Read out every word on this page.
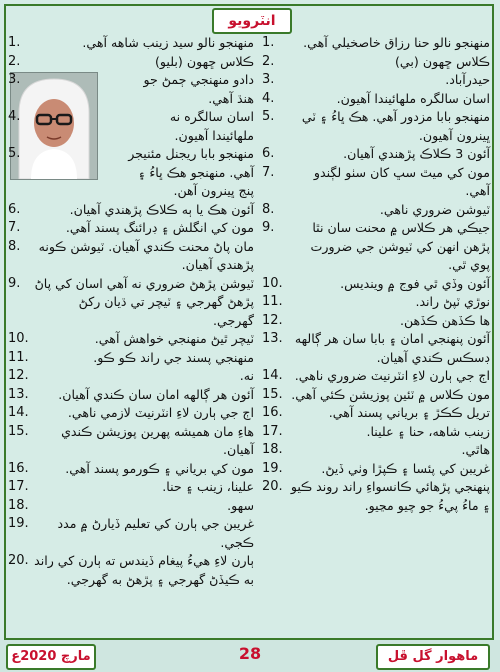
انٽرويو
منهنجو نالو حنا رزاق خاصخيلي آهي.
1.
ڪلاس ڇهون (بي)
2.
حيدرآباد.
3.
اسان سالگره ملهائيندا آهيون.
4.
منهنجو بابا مزدور آهي. هڪ ڀاءُ ۽ ٽي ڀينرون آهيون.
5.
آئون 3 ڪلاڪ پڙهندي آهيان.
6.
مون کي ميٿ سڀ کان سٺو لڳندو آهي.
7.
ٽيوشن ضروري ناهي.
8.
جيڪي هر ڪلاس ۾ محنت سان نٿا پڙهن انهن کي ٽيوشن جي ضرورت پوي ٿي.
9.
آئون وڏي ٿي فوج ۾ وينديس.
10.
نوڙي ٽپڻ راند.
11.
ها ڪڏهن ڪڏهن.
12.
آئون پنهنجي امان ۽ بابا سان هر ڳالهه ڊسڪس ڪندي آهيان.
13.
اڄ جي ٻارن لاءِ انٽرنيٽ ضروري ناهي.
14.
مون ڪلاس ۾ ٽئين پوزيشن ڪئي آهي.
15.
تريل ڪڪڙ ۽ برياني پسند آهي.
16.
زينب شاهه، حنا ۽ علينا.
17.
هاٿي.
18.
غريبن کي پئسا ۽ ڪپڙا وٺي ڏيڻ.
19.
پنهنجي پڙهائي ڪانسواءِ راند روند ڪيو ۽ ماءُ پيءُ جو چيو مڃيو.
20.
منهنجو نالو سيد زينب شاهه آهي.
1.
ڪلاس ڇهون (بليو)
2.
دادو منهنجي ڄمڻ جو هنڌ آهي.
3.
اسان سالگره نه ملهائيندا آهيون.
4.
منهنجو بابا ريجنل مئنيجر آهي. منهنجو هڪ ڀاءُ ۽ پنج ڀينرون آهن.
5.
آئون هڪ يا ٻه ڪلاڪ پڙهندي آهيان.
6.
مون کي انگلش ۽ ڊرائنگ پسند آهي.
7.
مان پاڻ محنت ڪندي آهيان. ٽيوشن ڪونه پڙهندي آهيان.
8.
ٽيوشن پڙهڻ ضروري نه آهي اسان کي پاڻ پڙهڻ گهرجي ۽ ٽيچر تي ڌيان رکڻ گهرجي.
9.
ٽيچر ٿيڻ منهنجي خواهش آهي.
10.
منهنجي پسند جي راند ڪو ڪو.
11.
نه.
12.
آئون هر ڳالهه امان سان ڪندي آهيان.
13.
اڄ جي ٻارن لاءِ انٽرنيٽ لازمي ناهي.
14.
هاءِ مان هميشه پهرين پوزيشن ڪندي آهيان.
15.
مون کي برياني ۽ ڪورمو پسند آهي.
16.
علينا، زينب ۽ حنا.
17.
سهو.
18.
غريبن جي ٻارن کي تعليم ڏيارڻ ۾ مدد ڪجي.
19.
ٻارن لاءِ هيءُ پيغام ڏيندس ته ٻارن کي راند به ڪيڏڻ گهرجي ۽ پڙهڻ به گهرجي.
20.
مارچ 2020ع	28	ماهوار گل ڦل
